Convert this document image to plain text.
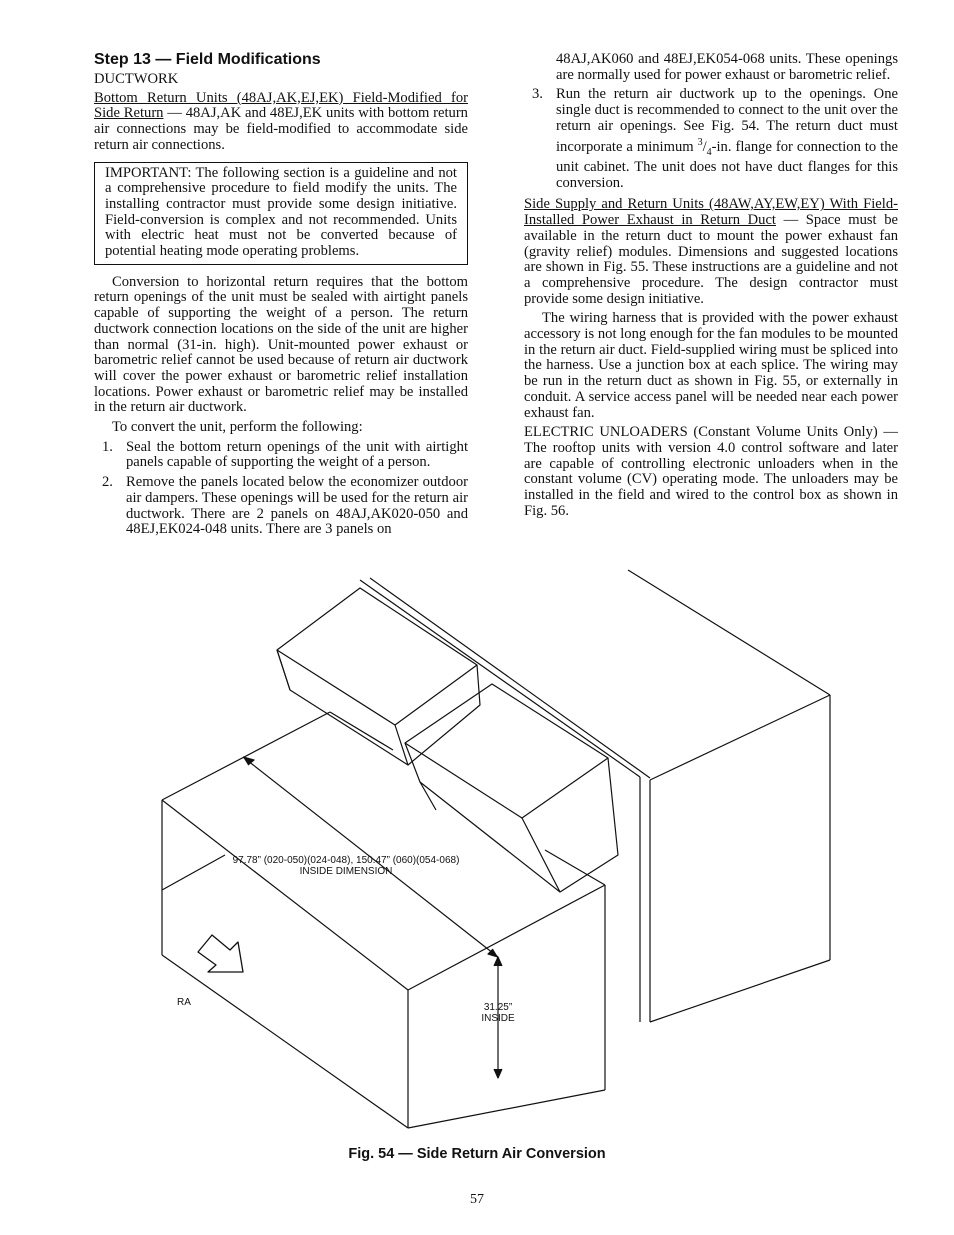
Step 13 — Field Modifications

DUCTWORK

Bottom Return Units (48AJ,AK,EJ,EK) Field-Modified for Side Return — 48AJ,AK and 48EJ,EK units with bottom return air connections may be field-modified to accommodate side return air connections.

IMPORTANT: The following section is a guideline and not a comprehensive procedure to field modify the units. The installing contractor must provide some design initiative. Field-conversion is complex and not recommended. Units with electric heat must not be converted because of potential heating mode operating problems.

Conversion to horizontal return requires that the bottom return openings of the unit must be sealed with airtight panels capable of supporting the weight of a person. The return ductwork connection locations on the side of the unit are higher than normal (31-in. high). Unit-mounted power exhaust or barometric relief cannot be used because of return air ductwork will cover the power exhaust or barometric relief installation locations. Power exhaust or barometric relief may be installed in the return air ductwork.

To convert the unit, perform the following:

1. Seal the bottom return openings of the unit with airtight panels capable of supporting the weight of a person.
2. Remove the panels located below the economizer outdoor air dampers. These openings will be used for the return air ductwork. There are 2 panels on 48AJ,AK020-050 and 48EJ,EK024-048 units. There are 3 panels on

48AJ,AK060 and 48EJ,EK054-068 units. These openings are normally used for power exhaust or barometric relief.

3. Run the return air ductwork up to the openings. One single duct is recommended to connect to the unit over the return air openings. See Fig. 54. The return duct must incorporate a minimum $^3/_4-in$. flange for connection to the unit cabinet. The unit does not have duct flanges for this conversion.

Side Supply and Return Units (48AW,AY,EW,EY) With Field-Installed Power Exhaust in Return Duct — Space must be available in the return duct to mount the power exhaust fan (gravity relief) modules. Dimensions and suggested locations are shown in Fig. 55. These instructions are a guideline and not a comprehensive procedure. The design contractor must provide some design initiative.

The wiring harness that is provided with the power exhaust accessory is not long enough for the fan modules to be mounted in the return air duct. Field-supplied wiring must be spliced into the harness. Use a junction box at each splice. The wiring may be run in the return duct as shown in Fig. 55, or externally in conduit. A service access panel will be needed near each power exhaust fan.

ELECTRIC UNLOADERS (Constant Volume Units Only) — The rooftop units with version 4.0 control software and later are capable of controlling electronic unloaders when in the constant volume (CV) operating mode. The unloaders may be installed in the field and wired to the control box as shown in Fig. 56.

97.78” (020-050)(024-048), 150.47” (060)(054-068)
INSIDE DIMENSION
31.25”
INSIDE
RA
Fig. 54 — Side Return Air Conversion
57
